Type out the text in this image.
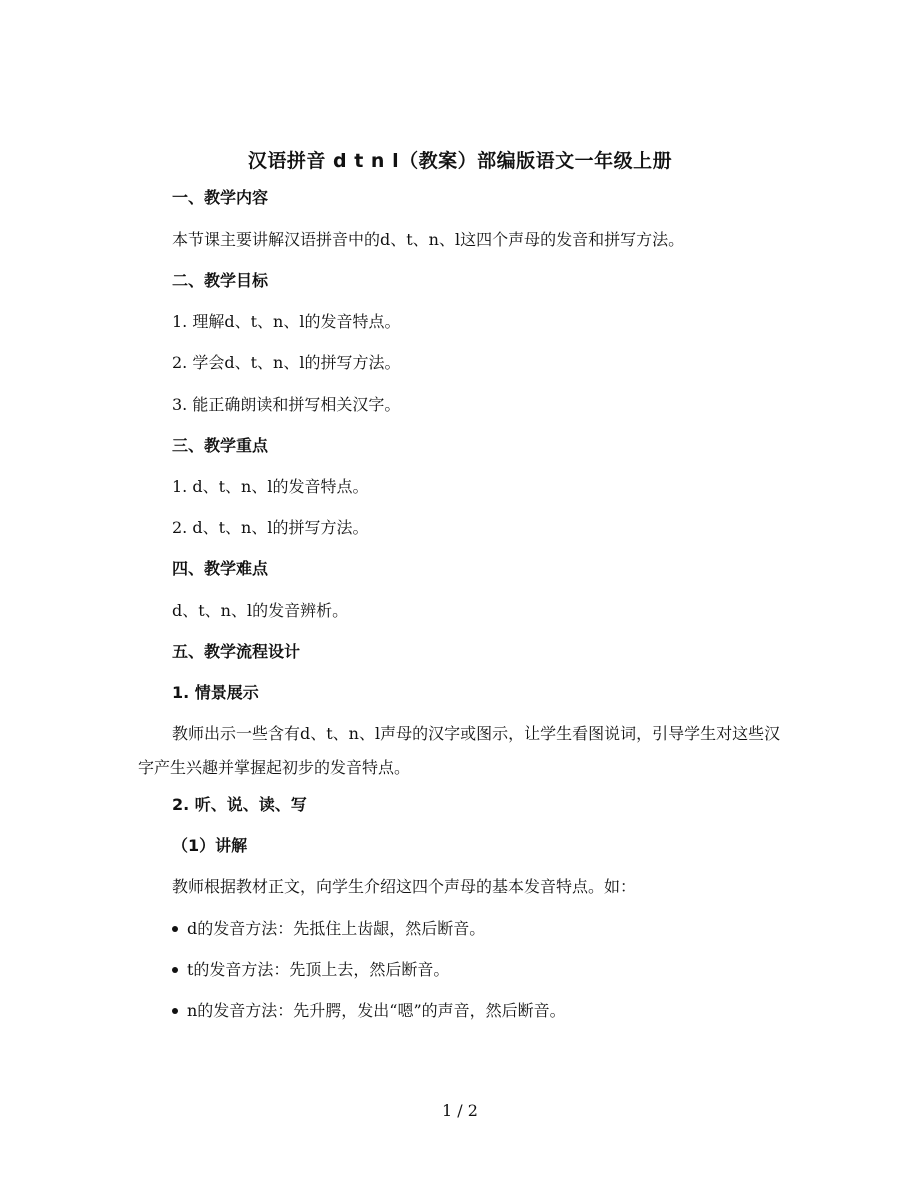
汉语拼音 d t n l（教案）部编版语文一年级上册
一、教学内容
本节课主要讲解汉语拼音中的d、t、n、l这四个声母的发音和拼写方法。
二、教学目标
1. 理解d、t、n、l的发音特点。
2. 学会d、t、n、l的拼写方法。
3. 能正确朗读和拼写相关汉字。
三、教学重点
1. d、t、n、l的发音特点。
2. d、t、n、l的拼写方法。
四、教学难点
d、t、n、l的发音辨析。
五、教学流程设计
1. 情景展示
教师出示一些含有d、t、n、l声母的汉字或图示，让学生看图说词，引导学生对这些汉字产生兴趣并掌握起初步的发音特点。
2. 听、说、读、写
（1）讲解
教师根据教材正文，向学生介绍这四个声母的基本发音特点。如：
d的发音方法：先抵住上齿龈，然后断音。
t的发音方法：先顶上去，然后断音。
n的发音方法：先升腭，发出“嗯”的声音，然后断音。
1 / 2
